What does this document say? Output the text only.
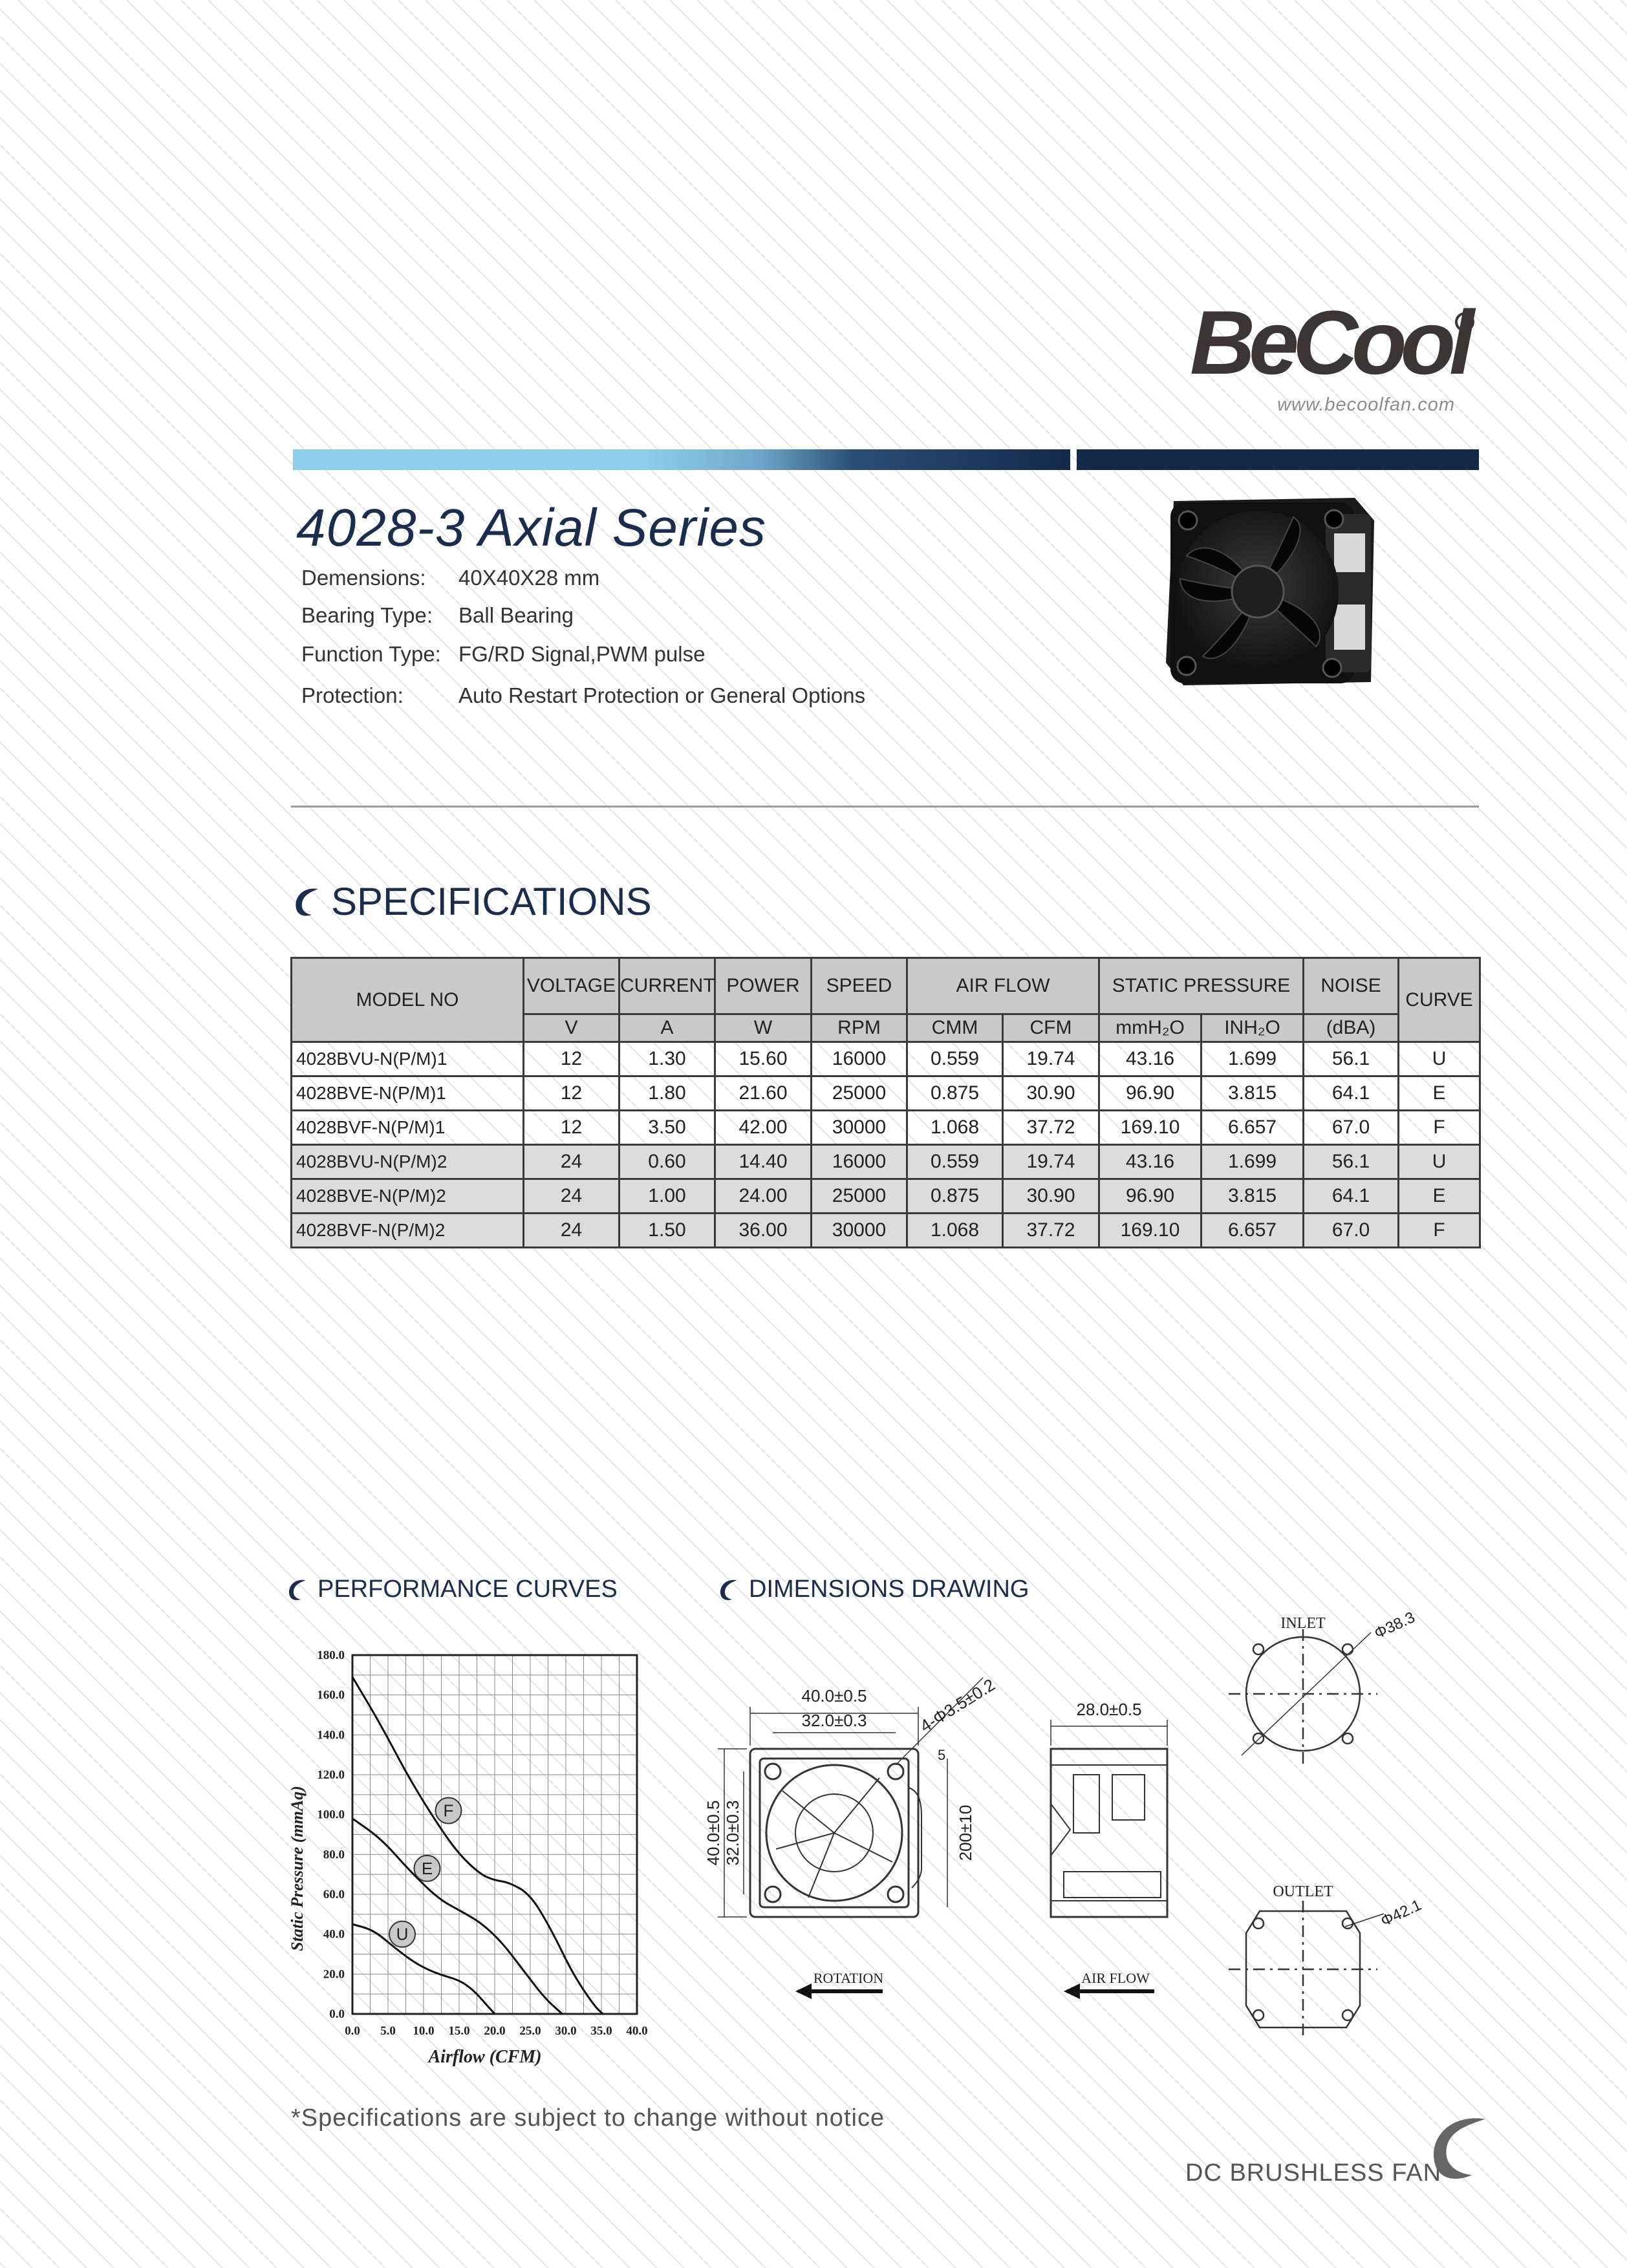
BeCool
www.becoolfan.com
4028-3 Axial Series
Demensions: 40X40X28 mm
Bearing Type: Ball Bearing
Function Type: FG/RD Signal,PWM pulse
Protection:	Auto Restart Protection or General Options
SPECIFICATIONS
MODEL NO	VOLTAGE	CURRENT	POWER	SPEED	AIR FLOW		STATIC PRESSURE		NOISE	CURVE
	V	A	W	RPM	CMM	CFM	mmH₂O	INH₂O	(dBA)	
4028BVU-N(P/M)1	12	1.30	15.60	16000	0.559	19.74	43.16	1.699	56.1	U
4028BVE-N(P/M)1	12	1.80	21.60	25000	0.875	30.90	96.90	3.815	64.1	E
4028BVF-N(P/M)1	12	3.50	42.00	30000	1.068	37.72	169.10	6.657	67.0	F
4028BVU-N(P/M)2	24	0.60	14.40	16000	0.559	19.74	43.16	1.699	56.1	U
4028BVE-N(P/M)2	24	1.00	24.00	25000	0.875	30.90	96.90	3.815	64.1	E
4028BVF-N(P/M)2	24	1.50	36.00	30000	1.068	37.72	169.10	6.657	67.0	F
PERFORMANCE CURVES	DIMENSIONS DRAWING
0.0 5.0 10.0 15.0 20.0 25.0 30.0 35.0 40.0
0.0
20.0
40.0
60.0
80.0
100.0
120.0
140.0
160.0
180.0
F
E
U
Airflow (CFM)
Static Pressure (mmAq)
40.0±0.5
32.0±0.3	4-Φ3.5±0.2
5
200±10
40.0±0.5 32.0±0.3
28.0±0.5
ROTATION	AIR FLOW
INLET	Φ38.3
OUTLET
Φ42.1
*Specifications are subject to change without notice
DC BRUSHLESS FAN
